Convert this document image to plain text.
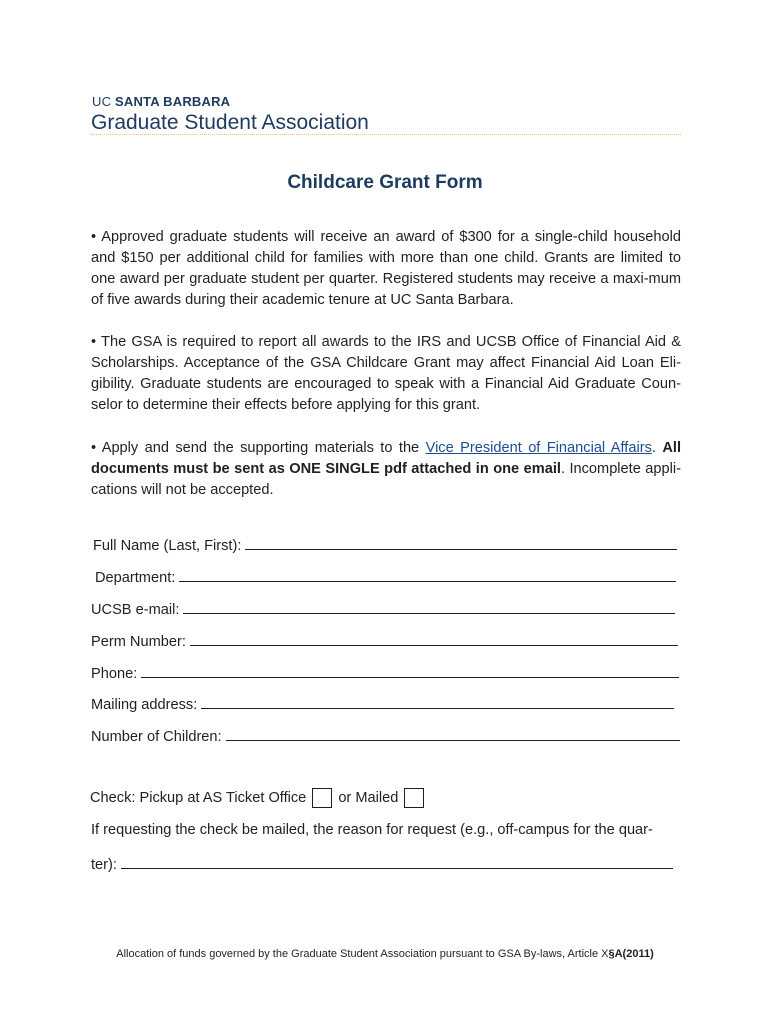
UC SANTA BARBARA
Graduate Student Association
Childcare Grant Form
• Approved graduate students will receive an award of $300 for a single-child household and $150 per additional child for families with more than one child. Grants are limited to one award per graduate student per quarter. Registered students may receive a maxi-mum of five awards during their academic tenure at UC Santa Barbara.
• The GSA is required to report all awards to the IRS and UCSB Office of Financial Aid & Scholarships. Acceptance of the GSA Childcare Grant may affect Financial Aid Loan Eli-gibility. Graduate students are encouraged to speak with a Financial Aid Graduate Coun-selor to determine their effects before applying for this grant.
• Apply and send the supporting materials to the Vice President of Financial Affairs. All documents must be sent as ONE SINGLE pdf attached in one email. Incomplete appli-cations will not be accepted.
Full Name (Last, First):
Department:
UCSB e-mail:
Perm Number:
Phone:
Mailing address:
Number of Children:
Check: Pickup at AS Ticket Office or Mailed
If requesting the check be mailed, the reason for request (e.g., off-campus for the quar-
ter):
Allocation of funds governed by the Graduate Student Association pursuant to GSA By-laws, Article X§A(2011)
